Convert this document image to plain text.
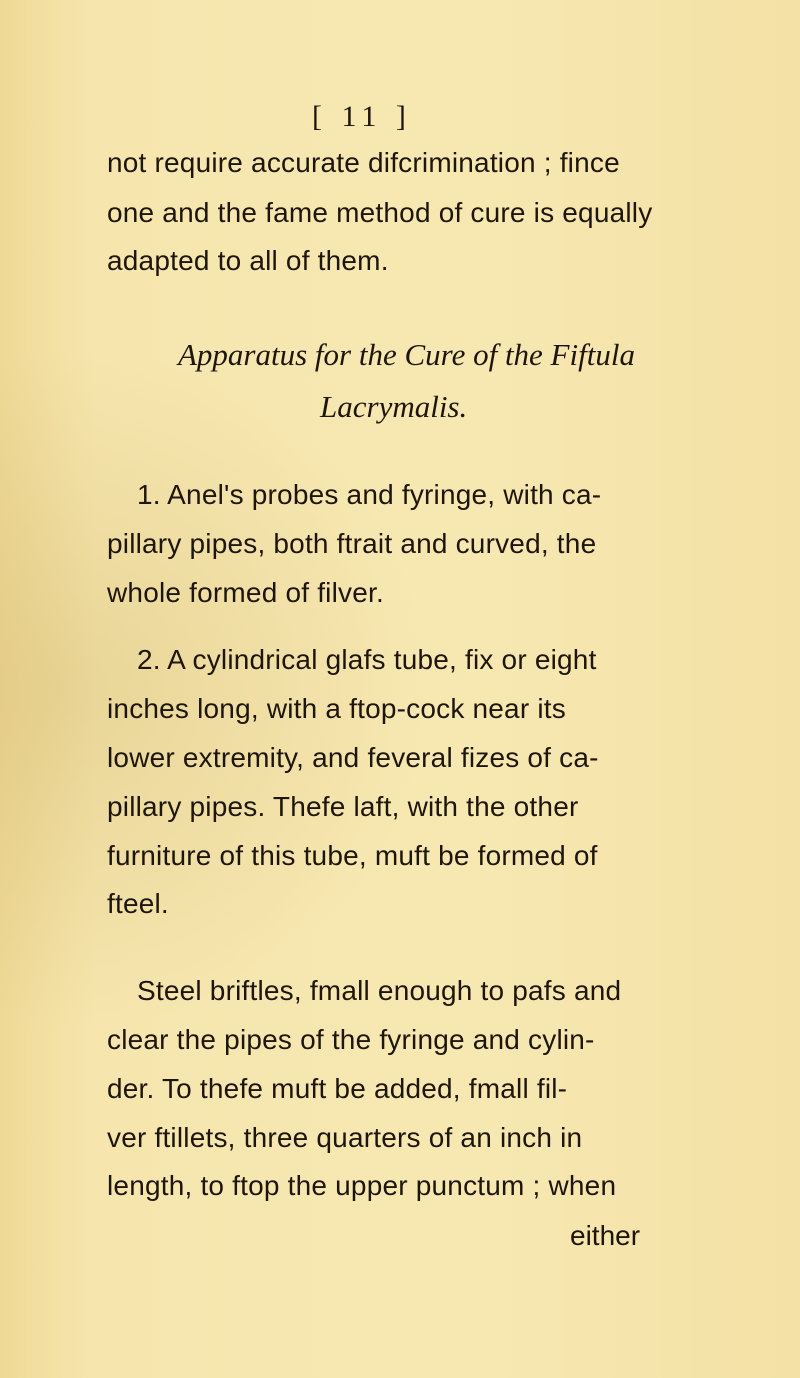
[ 11 ]
not require accurate difcrimination ; fince
one and the fame method of cure is equally
adapted to all of them.
Apparatus for the Cure of the Fiftula
Lacrymalis.
1. Anel's probes and fyringe, with ca-
pillary pipes, both ftrait and curved, the
whole formed of filver.
2. A cylindrical glafs tube, fix or eight
inches long, with a ftop-cock near its
lower extremity, and feveral fizes of ca-
pillary pipes. Thefe laft, with the other
furniture of this tube, muft be formed of
fteel.
Steel briftles, fmall enough to pafs and
clear the pipes of the fyringe and cylin-
der. To thefe muft be added, fmall fil-
ver ftillets, three quarters of an inch in
length, to ftop the upper punctum ; when
either
